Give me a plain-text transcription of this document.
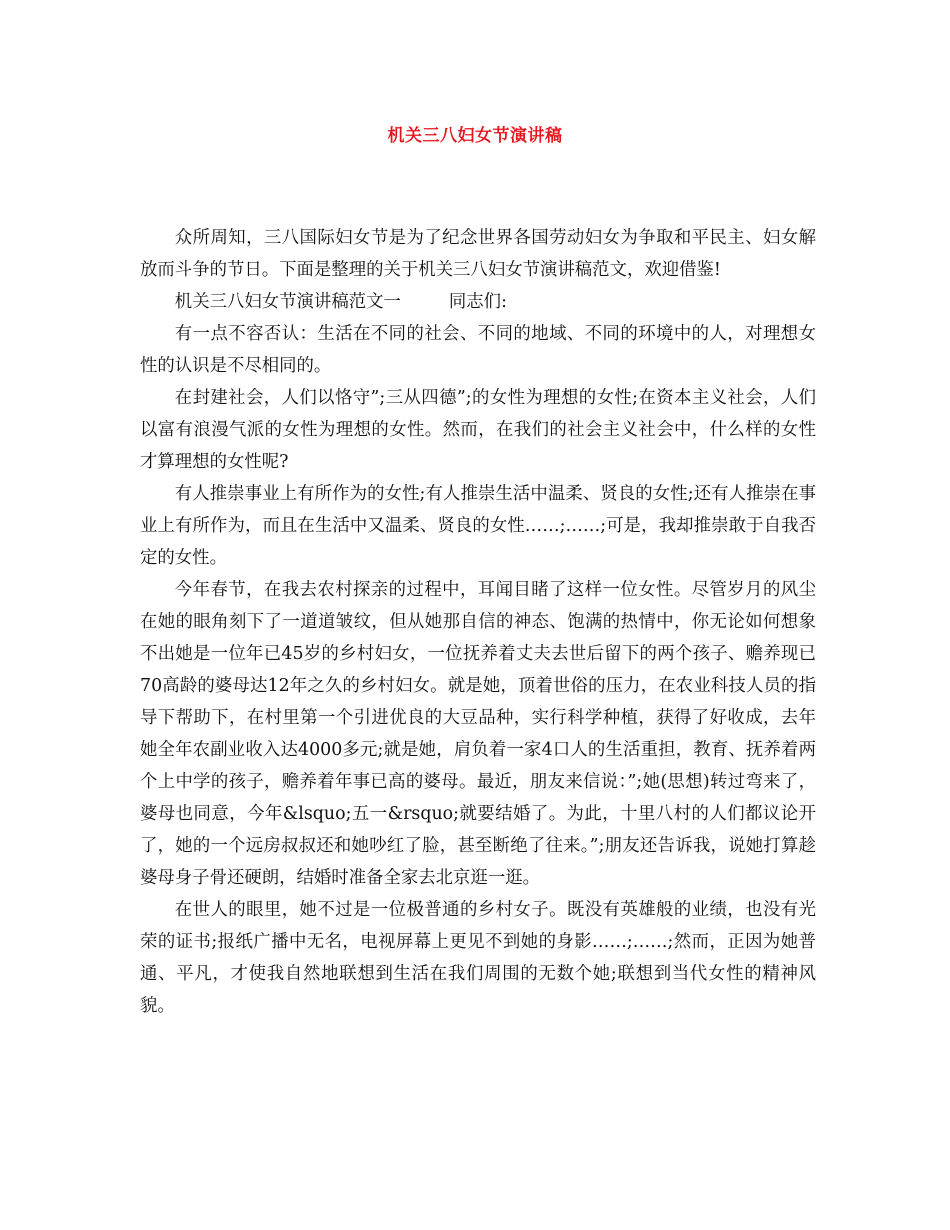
机关三八妇女节演讲稿

众所周知，三八国际妇女节是为了纪念世界各国劳动妇女为争取和平民主、妇女解放而斗争的节日。下面是整理的关于机关三八妇女节演讲稿范文，欢迎借鉴!

机关三八妇女节演讲稿范文一	同志们:

有一点不容否认：生活在不同的社会、不同的地域、不同的环境中的人，对理想女性的认识是不尽相同的。

在封建社会，人们以恪守”;三从四德”;的女性为理想的女性;在资本主义社会，人们以富有浪漫气派的女性为理想的女性。然而，在我们的社会主义社会中，什么样的女性才算理想的女性呢?

有人推崇事业上有所作为的女性;有人推崇生活中温柔、贤良的女性;还有人推崇在事业上有所作为，而且在生活中又温柔、贤良的女性……;……;可是，我却推崇敢于自我否定的女性。

今年春节，在我去农村探亲的过程中，耳闻目睹了这样一位女性。尽管岁月的风尘在她的眼角刻下了一道道皱纹，但从她那自信的神态、饱满的热情中，你无论如何想象不出她是一位年已45岁的乡村妇女，一位抚养着丈夫去世后留下的两个孩子、赡养现已70高龄的婆母达12年之久的乡村妇女。就是她，顶着世俗的压力，在农业科技人员的指导下帮助下，在村里第一个引进优良的大豆品种，实行科学种植，获得了好收成，去年她全年农副业收入达4000多元;就是她，肩负着一家4口人的生活重担，教育、抚养着两个上中学的孩子，赡养着年事已高的婆母。最近，朋友来信说：”;她(思想)转过弯来了，婆母也同意，今年&lsquo;五一&rsquo;就要结婚了。为此，十里八村的人们都议论开了，她的一个远房叔叔还和她吵红了脸，甚至断绝了往来。”;朋友还告诉我，说她打算趁婆母身子骨还硬朗，结婚时准备全家去北京逛一逛。

在世人的眼里，她不过是一位极普通的乡村女子。既没有英雄般的业绩，也没有光荣的证书;报纸广播中无名，电视屏幕上更见不到她的身影……;……;然而，正因为她普通、平凡，才使我自然地联想到生活在我们周围的无数个她;联想到当代女性的精神风貌。
